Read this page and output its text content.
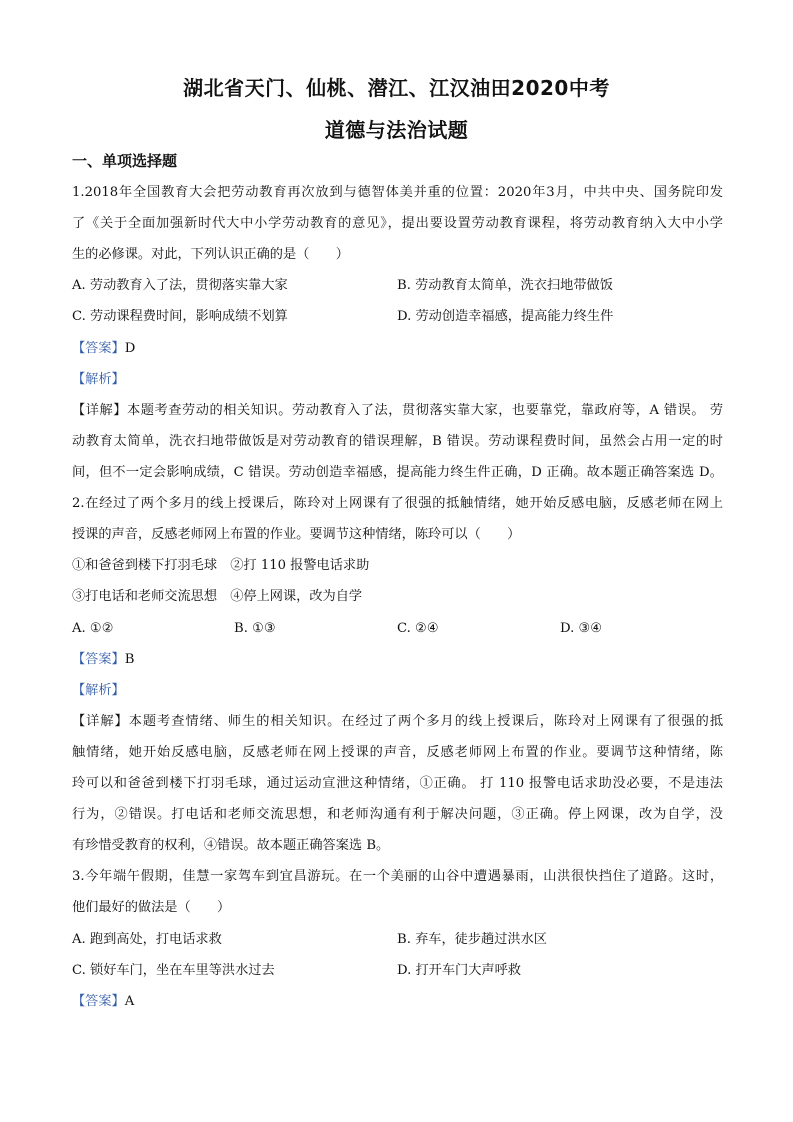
湖北省天门、仙桃、潜江、江汉油田2020中考
道德与法治试题
一、单项选择题
1.2018年全国教育大会把劳动教育再次放到与德智体美并重的位置：2020年3月，中共中央、国务院印发
了《关于全面加强新时代大中小学劳动教育的意见》，提出要设置劳动教育课程，将劳动教育纳入大中小学
生的必修课。对此，下列认识正确的是（　　）
A. 劳动教育入了法，贯彻落实靠大家	B. 劳动教育太简单，洗衣扫地带做饭
C. 劳动课程费时间，影响成绩不划算	D. 劳动创造幸福感，提高能力终生件
【答案】D
【解析】
【详解】本题考查劳动的相关知识。劳动教育入了法，贯彻落实靠大家，也要靠党，靠政府等，A 错误。 劳
动教育太简单，洗衣扫地带做饭是对劳动教育的错误理解，B 错误。劳动课程费时间，虽然会占用一定的时
间，但不一定会影响成绩，C 错误。劳动创造幸福感，提高能力终生件正确，D 正确。故本题正确答案选 D。
2.在经过了两个多月的线上授课后，陈玲对上网课有了很强的抵触情绪，她开始反感电脑，反感老师在网上
授课的声音，反感老师网上布置的作业。要调节这种情绪，陈玲可以（　　）
①和爸爸到楼下打羽毛球　②打 110 报警电话求助
③打电话和老师交流思想　④停上网课，改为自学
A. ①②	B. ①③	C. ②④	D. ③④
【答案】B
【解析】
【详解】本题考查情绪、师生的相关知识。在经过了两个多月的线上授课后，陈玲对上网课有了很强的抵
触情绪，她开始反感电脑，反感老师在网上授课的声音，反感老师网上布置的作业。要调节这种情绪，陈
玲可以和爸爸到楼下打羽毛球，通过运动宣泄这种情绪，①正确。 打 110 报警电话求助没必要，不是违法
行为，②错误。打电话和老师交流思想，和老师沟通有利于解决问题，③正确。停上网课，改为自学，没
有珍惜受教育的权利，④错误。故本题正确答案选 B。
3.今年端午假期，佳慧一家驾车到宜昌游玩。在一个美丽的山谷中遭遇暴雨，山洪很快挡住了道路。这时，
他们最好的做法是（　　）
A. 跑到高处，打电话求救	B. 弃车，徒步趟过洪水区
C. 锁好车门，坐在车里等洪水过去	D. 打开车门大声呼救
【答案】A
